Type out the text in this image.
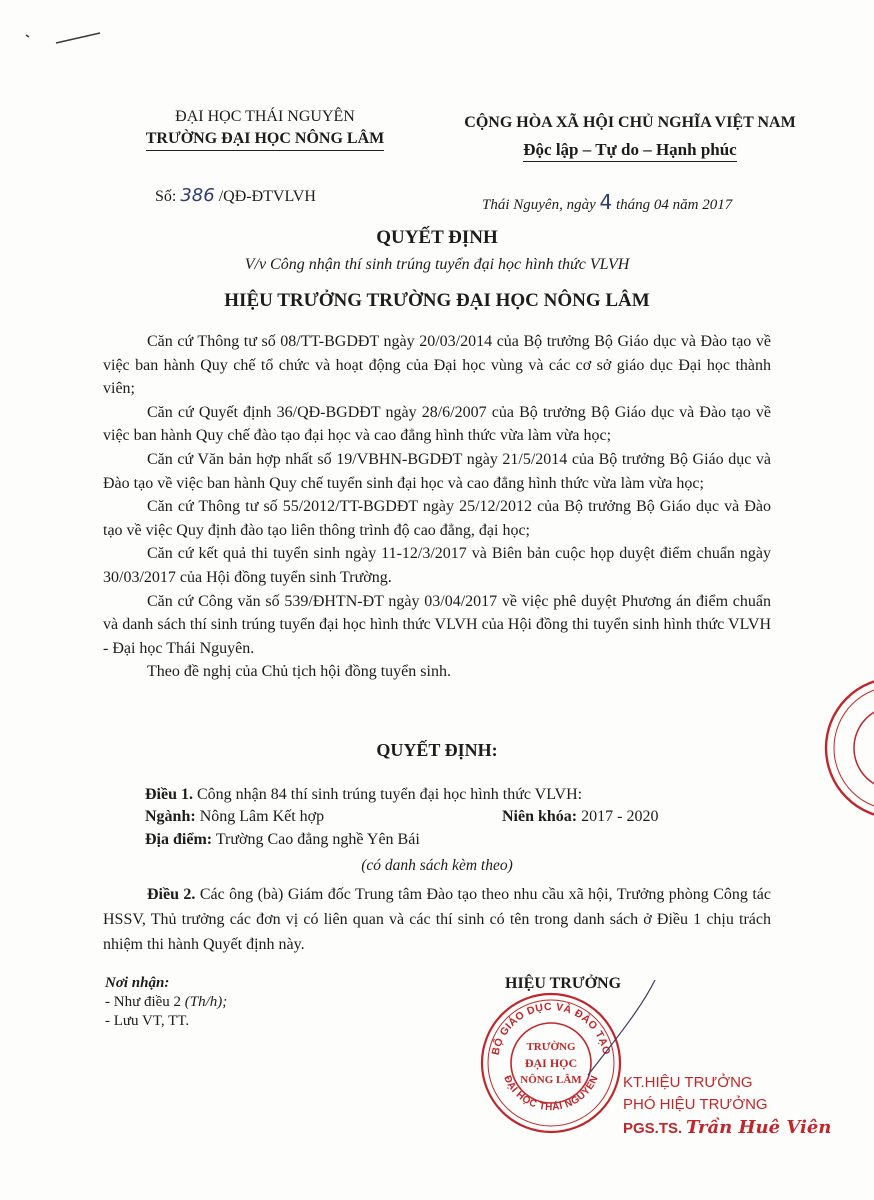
ĐẠI HỌC THÁI NGUYÊN
TRƯỜNG ĐẠI HỌC NÔNG LÂM
CỘNG HÒA XÃ HỘI CHỦ NGHĨA VIỆT NAM
Độc lập – Tự do – Hạnh phúc
Số: 386 /QĐ-ĐTVLVH	Thái Nguyên, ngày 4 tháng 04 năm 2017
QUYẾT ĐỊNH
V/v Công nhận thí sinh trúng tuyển đại học hình thức VLVH
HIỆU TRƯỞNG TRƯỜNG ĐẠI HỌC NÔNG LÂM

Căn cứ Thông tư số 08/TT-BGDĐT ngày 20/03/2014 của Bộ trưởng Bộ Giáo dục và Đào tạo về việc ban hành Quy chế tổ chức và hoạt động của Đại học vùng và các cơ sở giáo dục Đại học thành viên;

Căn cứ Quyết định 36/QĐ-BGDĐT ngày 28/6/2007 của Bộ trưởng Bộ Giáo dục và Đào tạo về việc ban hành Quy chế đào tạo đại học và cao đẳng hình thức vừa làm vừa học;

Căn cứ Văn bản hợp nhất số 19/VBHN-BGDĐT ngày 21/5/2014 của Bộ trưởng Bộ Giáo dục và Đào tạo về việc ban hành Quy chế tuyển sinh đại học và cao đẳng hình thức vừa làm vừa học;

Căn cứ Thông tư số 55/2012/TT-BGDĐT ngày 25/12/2012 của Bộ trưởng Bộ Giáo dục và Đào tạo về việc Quy định đào tạo liên thông trình độ cao đẳng, đại học;

Căn cứ kết quả thi tuyển sinh ngày 11-12/3/2017 và Biên bản cuộc họp duyệt điểm chuẩn ngày 30/03/2017 của Hội đồng tuyển sinh Trường.

Căn cứ Công văn số 539/ĐHTN-ĐT ngày 03/04/2017 về việc phê duyệt Phương án điểm chuẩn và danh sách thí sinh trúng tuyển đại học hình thức VLVH của Hội đồng thi tuyển sinh hình thức VLVH - Đại học Thái Nguyên.

Theo đề nghị của Chủ tịch hội đồng tuyển sinh.

QUYẾT ĐỊNH:
Điều 1. Công nhận 84 thí sinh trúng tuyển đại học hình thức VLVH:
Ngành: Nông Lâm Kết hợp	Niên khóa: 2017 - 2020
Địa điểm: Trường Cao đẳng nghề Yên Bái
(có danh sách kèm theo)

Điều 2. Các ông (bà) Giám đốc Trung tâm Đào tạo theo nhu cầu xã hội, Trưởng phòng Công tác HSSV, Thủ trưởng các đơn vị có liên quan và các thí sinh có tên trong danh sách ở Điều 1 chịu trách nhiệm thi hành Quyết định này.

Nơi nhận:
- Như điều 2 (Th/h);
- Lưu VT, TT.
HIỆU TRƯỞNG
BỘ GIÁO DỤC VÀ ĐÀO TẠO
ĐẠI HỌC THÁI NGUYÊN
TRƯỜNG
ĐẠI HỌC
NÔNG LÂM	KT.HIỆU TRƯỞNG
PHÓ HIỆU TRƯỞNG
PGS.TS. Trần Huê Viên
